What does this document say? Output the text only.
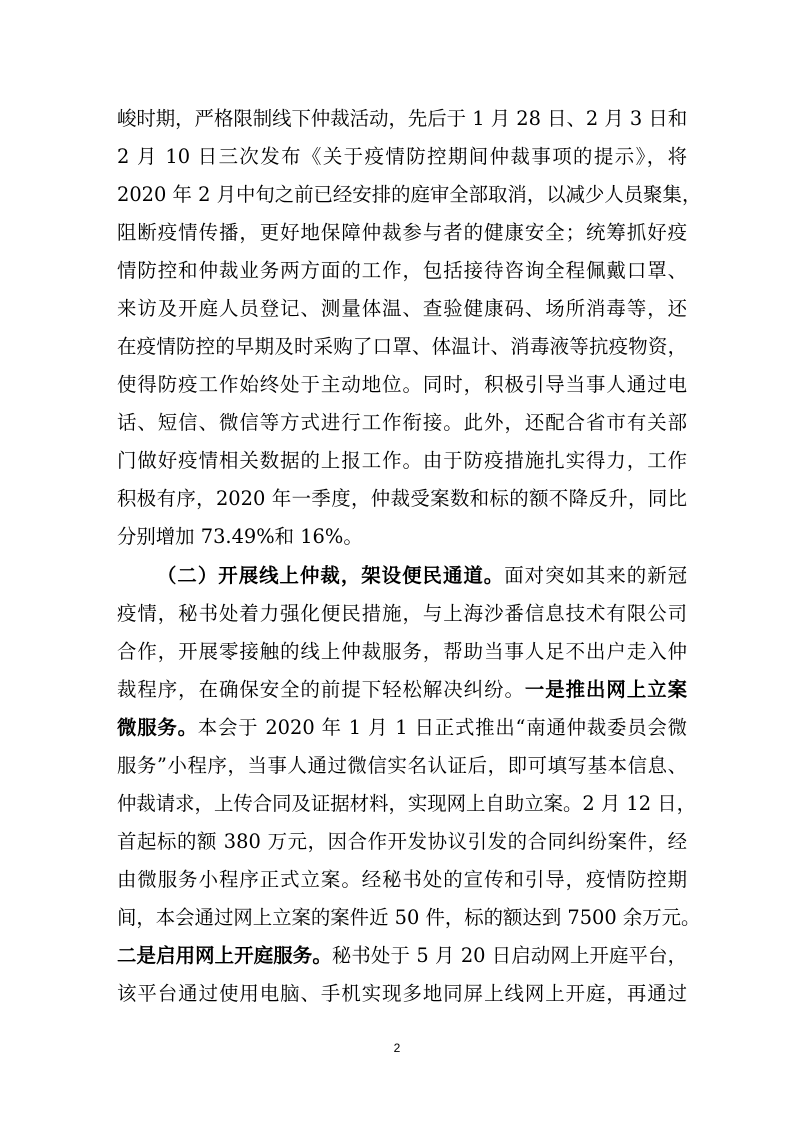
峻时期，严格限制线下仲裁活动，先后于 1 月 28 日、2 月 3 日和
2 月 10 日三次发布《关于疫情防控期间仲裁事项的提示》，将
2020 年 2 月中旬之前已经安排的庭审全部取消，以减少人员聚集，
阻断疫情传播，更好地保障仲裁参与者的健康安全；统筹抓好疫
情防控和仲裁业务两方面的工作，包括接待咨询全程佩戴口罩、
来访及开庭人员登记、测量体温、查验健康码、场所消毒等，还
在疫情防控的早期及时采购了口罩、体温计、消毒液等抗疫物资，
使得防疫工作始终处于主动地位。同时，积极引导当事人通过电
话、短信、微信等方式进行工作衔接。此外，还配合省市有关部
门做好疫情相关数据的上报工作。由于防疫措施扎实得力，工作
积极有序，2020 年一季度，仲裁受案数和标的额不降反升，同比
分别增加 73.49%和 16%。
（二）开展线上仲裁，架设便民通道。面对突如其来的新冠
疫情，秘书处着力强化便民措施，与上海沙番信息技术有限公司
合作，开展零接触的线上仲裁服务，帮助当事人足不出户走入仲
裁程序，在确保安全的前提下轻松解决纠纷。一是推出网上立案
微服务。本会于 2020 年 1 月 1 日正式推出“南通仲裁委员会微
服务”小程序，当事人通过微信实名认证后，即可填写基本信息、
仲裁请求，上传合同及证据材料，实现网上自助立案。2 月 12 日，
首起标的额 380 万元，因合作开发协议引发的合同纠纷案件，经
由微服务小程序正式立案。经秘书处的宣传和引导，疫情防控期
间，本会通过网上立案的案件近 50 件，标的额达到 7500 余万元。
二是启用网上开庭服务。秘书处于 5 月 20 日启动网上开庭平台，
该平台通过使用电脑、手机实现多地同屏上线网上开庭，再通过
2
